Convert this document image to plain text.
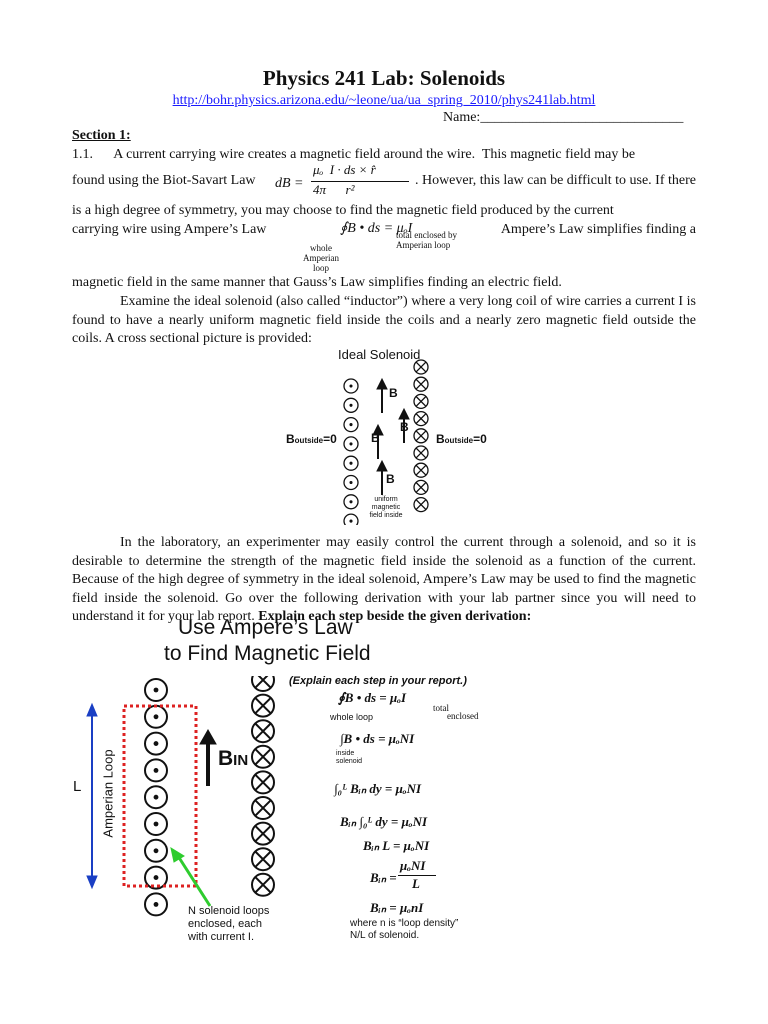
Physics 241 Lab: Solenoids
http://bohr.physics.arizona.edu/~leone/ua/ua_spring_2010/phys241lab.html
Name:_____________________________
Section 1:
1.1.      A current carrying wire creates a magnetic field around the wire.  This magnetic field may be
found using the Biot-Savart Law	dB =
μₒ  I · ds × r̂
4π      r²
. However, this law can be difficult to use. If there
is a high degree of symmetry, you may choose to find the magnetic field produced by the current
carrying wire using Ampere’s Law	∮B • ds = μₒI
total enclosed by
Amperian loop
whole
Amperian
loop
Ampere’s Law simplifies finding a
magnetic field in the same manner that Gauss’s Law simplifies finding an electric field.
Examine the ideal solenoid (also called “inductor”) where a very long coil of wire carries a current I is found to have a nearly uniform magnetic field inside the coils and a nearly zero magnetic field outside the coils. A cross sectional picture is provided:
Ideal Solenoid
B
B
B
B
Boutside=0	Boutside=0
uniform
magnetic
field inside
In the laboratory, an experimenter may easily control the current through a solenoid, and so it is desirable to determine the strength of the magnetic field inside the solenoid as a function of the current. Because of the high degree of symmetry in the ideal solenoid, Ampere’s Law may be used to find the magnetic field inside the solenoid. Go over the following derivation with your lab partner since you will need to understand it for your lab report. Explain each step beside the given derivation:
Use Ampere’s Law
to Find Magnetic Field
(Explain each step in your report.)
L Amperian Loop	BIN
N solenoid loops
enclosed, each
with current I.
∮B • ds = μₒI
whole loop
total
enclosed
∫B • ds = μₒNI
inside
solenoid
∫₀ᴸ Bᵢₙ dy = μₒNI
Bᵢₙ ∫₀ᴸ dy = μₒNI
Bᵢₙ L = μₒNI
Bᵢₙ =
μₒNI
L
Bᵢₙ = μₒnI
where n is “loop density”
N/L of solenoid.
